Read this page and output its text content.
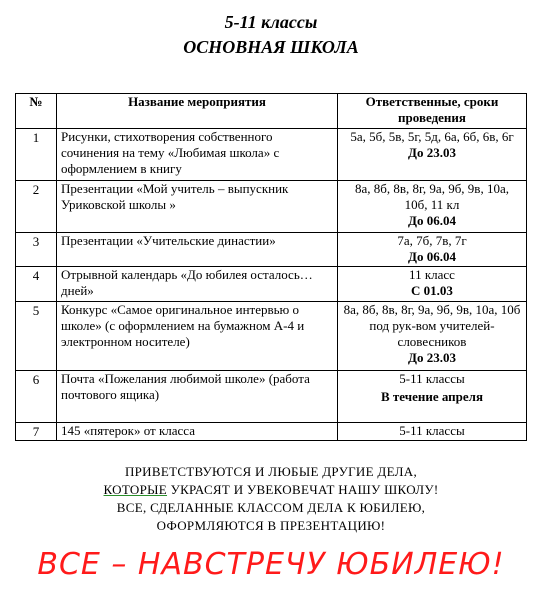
5-11 классы
ОСНОВНАЯ ШКОЛА
№	Название мероприятия	Ответственные, сроки проведения
1	Рисунки, стихотворения собственного сочинения на тему «Любимая школа» с оформлением в книгу	5а, 5б, 5в, 5г, 5д, 6а, 6б, 6в, 6г
До 23.03

2	Презентации «Мой учитель – выпускник Уриковской школы »	8а, 8б, 8в, 8г, 9а, 9б, 9в, 10а, 10б, 11 кл
До 06.04

3	Презентации «Учительские династии»	7а, 7б, 7в, 7г
До 06.04

4	Отрывной календарь «До юбилея осталось… дней»	11 класс
С 01.03

5	Конкурс «Самое оригинальное интервью о школе» (с оформлением на бумажном А-4 и электронном носителе)	8а, 8б, 8в, 8г, 9а, 9б, 9в, 10а, 10б под рук-вом учителей-словесников
До 23.03

6	Почта «Пожелания любимой школе» (работа почтового ящика)	5-11 классы
В течение апреля

7	145 «пятерок» от класса	5-11 классы
ПРИВЕТСТВУЮТСЯ И ЛЮБЫЕ ДРУГИЕ ДЕЛА,
КОТОРЫЕ УКРАСЯТ И УВЕКОВЕЧАТ НАШУ ШКОЛУ!
ВСЕ, СДЕЛАННЫЕ КЛАССОМ ДЕЛА К ЮБИЛЕЮ,
ОФОРМЛЯЮТСЯ В ПРЕЗЕНТАЦИЮ!
ВСЕ – НАВСТРЕЧУ ЮБИЛЕЮ!
